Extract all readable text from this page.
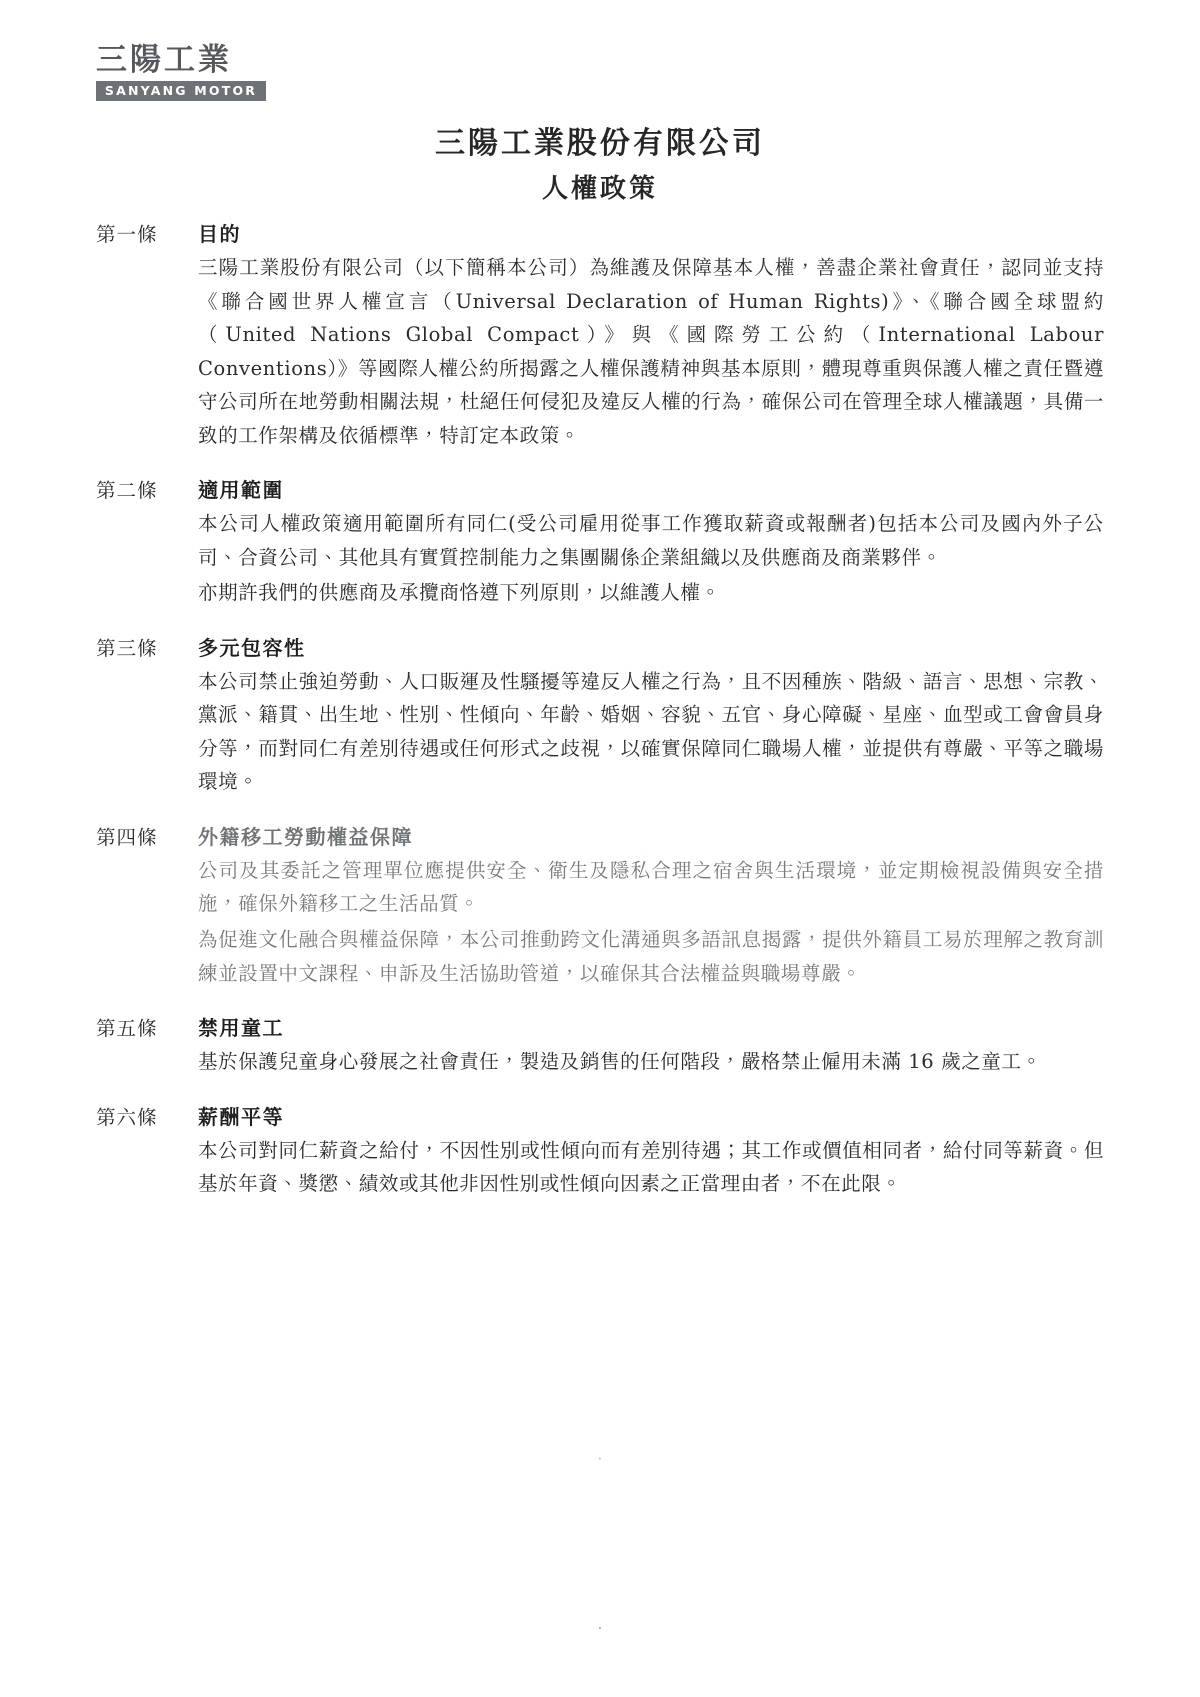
三陽工業
SANYANG MOTOR
三陽工業股份有限公司
人權政策
第一條	目的

三陽工業股份有限公司（以下簡稱本公司）為維護及保障基本人權，善盡企業社會責任，認同並支持《聯合國世界人權宣言（Universal Declaration of Human Rights)》、《聯合國全球盟約（United Nations Global Compact）》與《國際勞工公約（International Labour Conventions）》等國際人權公約所揭露之人權保護精神與基本原則，體現尊重與保護人權之責任暨遵守公司所在地勞動相關法規，杜絕任何侵犯及違反人權的行為，確保公司在管理全球人權議題，具備一致的工作架構及依循標準，特訂定本政策。

第二條	適用範圍

本公司人權政策適用範圍所有同仁(受公司雇用從事工作獲取薪資或報酬者)包括本公司及國內外子公司、合資公司、其他具有實質控制能力之集團關係企業組織以及供應商及商業夥伴。

亦期許我們的供應商及承攬商恪遵下列原則，以維護人權。

第三條	多元包容性

本公司禁止強迫勞動、人口販運及性騷擾等違反人權之行為，且不因種族、階級、語言、思想、宗教、黨派、籍貫、出生地、性別、性傾向、年齡、婚姻、容貌、五官、身心障礙、星座、血型或工會會員身分等，而對同仁有差別待遇或任何形式之歧視，以確實保障同仁職場人權，並提供有尊嚴、平等之職場環境。

第四條	外籍移工勞動權益保障

公司及其委託之管理單位應提供安全、衛生及隱私合理之宿舍與生活環境，並定期檢視設備與安全措施，確保外籍移工之生活品質。

為促進文化融合與權益保障，本公司推動跨文化溝通與多語訊息揭露，提供外籍員工易於理解之教育訓練並設置中文課程、申訴及生活協助管道，以確保其合法權益與職場尊嚴。

第五條	禁用童工

基於保護兒童身心發展之社會責任，製造及銷售的任何階段，嚴格禁止僱用未滿 16 歲之童工。

第六條	薪酬平等

本公司對同仁薪資之給付，不因性別或性傾向而有差別待遇；其工作或價值相同者，給付同等薪資。但基於年資、獎懲、績效或其他非因性別或性傾向因素之正當理由者，不在此限。

·
·
